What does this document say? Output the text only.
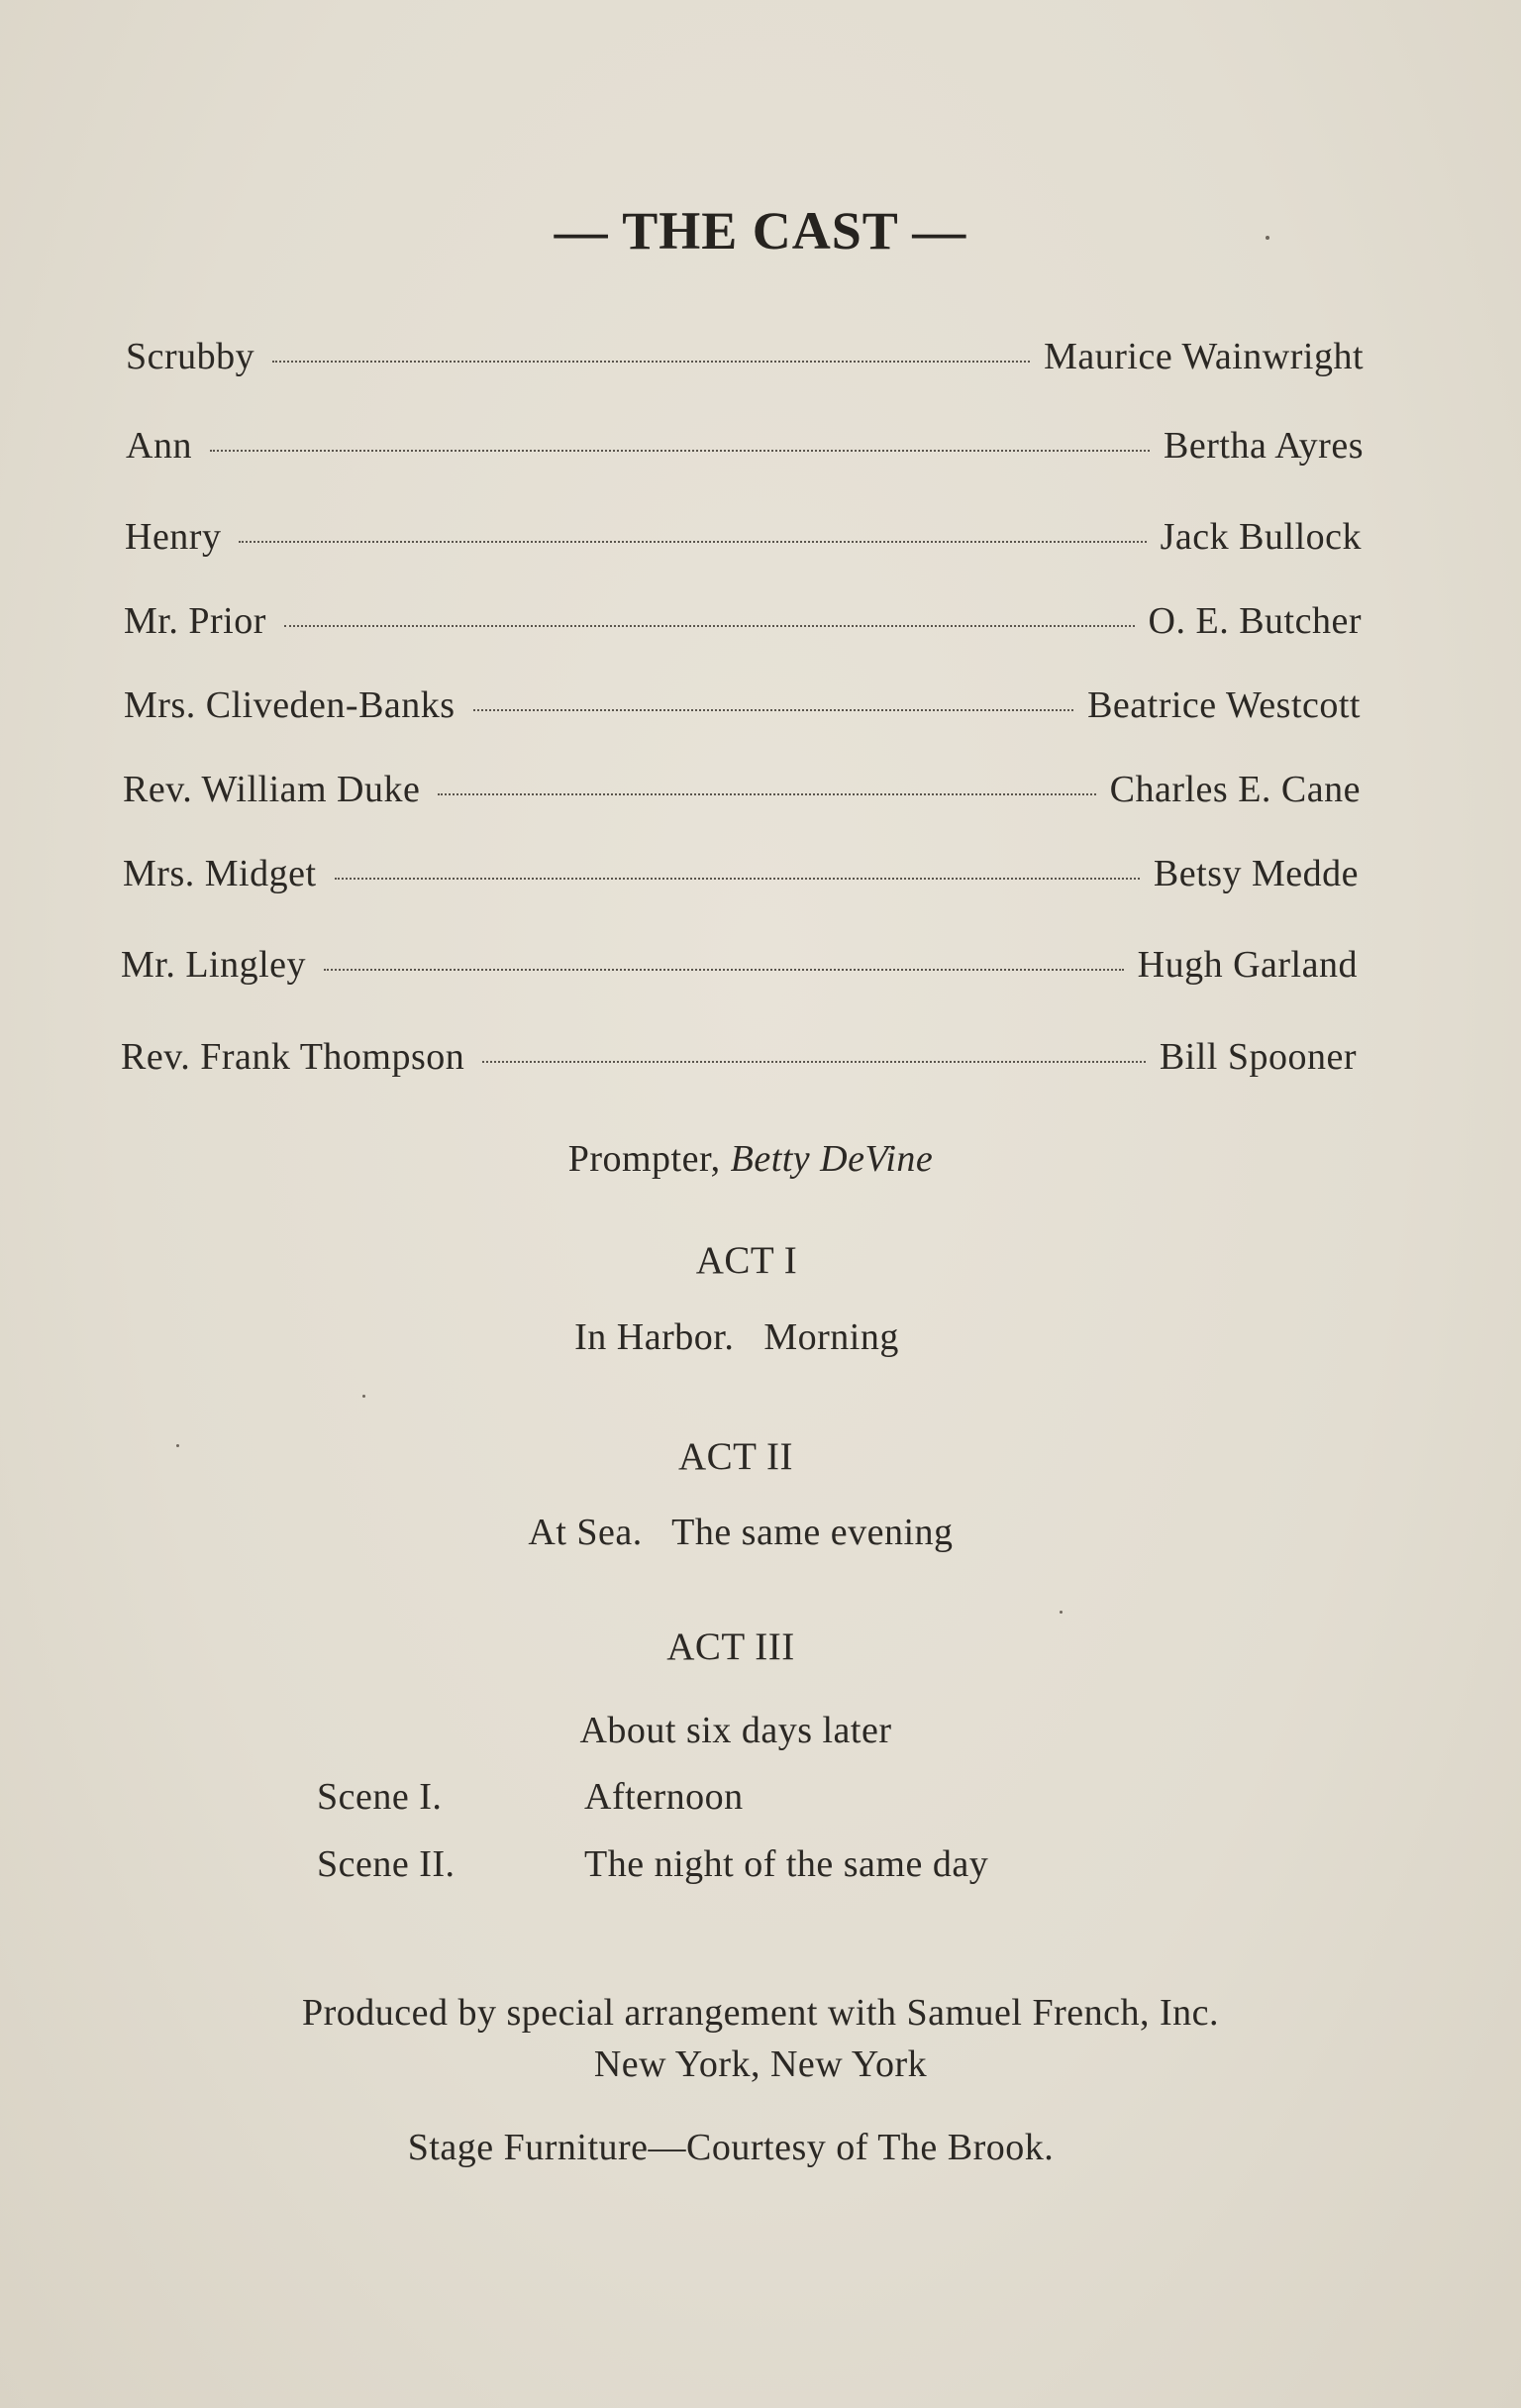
— THE CAST —
Scrubby	Maurice Wainwright
Ann	Bertha Ayres
Henry	Jack Bullock
Mr. Prior	O. E. Butcher
Mrs. Cliveden-Banks	Beatrice Westcott
Rev. William Duke	Charles E. Cane
Mrs. Midget	Betsy Medde
Mr. Lingley	Hugh Garland
Rev. Frank Thompson	Bill Spooner
Prompter, Betty DeVine
ACT I
In Harbor.   Morning
ACT II
At Sea.   The same evening
ACT III
About six days later
Scene I.	Afternoon
Scene II.	The night of the same day
Produced by special arrangement with Samuel French, Inc.
New York, New York
Stage Furniture—Courtesy of The Brook.
